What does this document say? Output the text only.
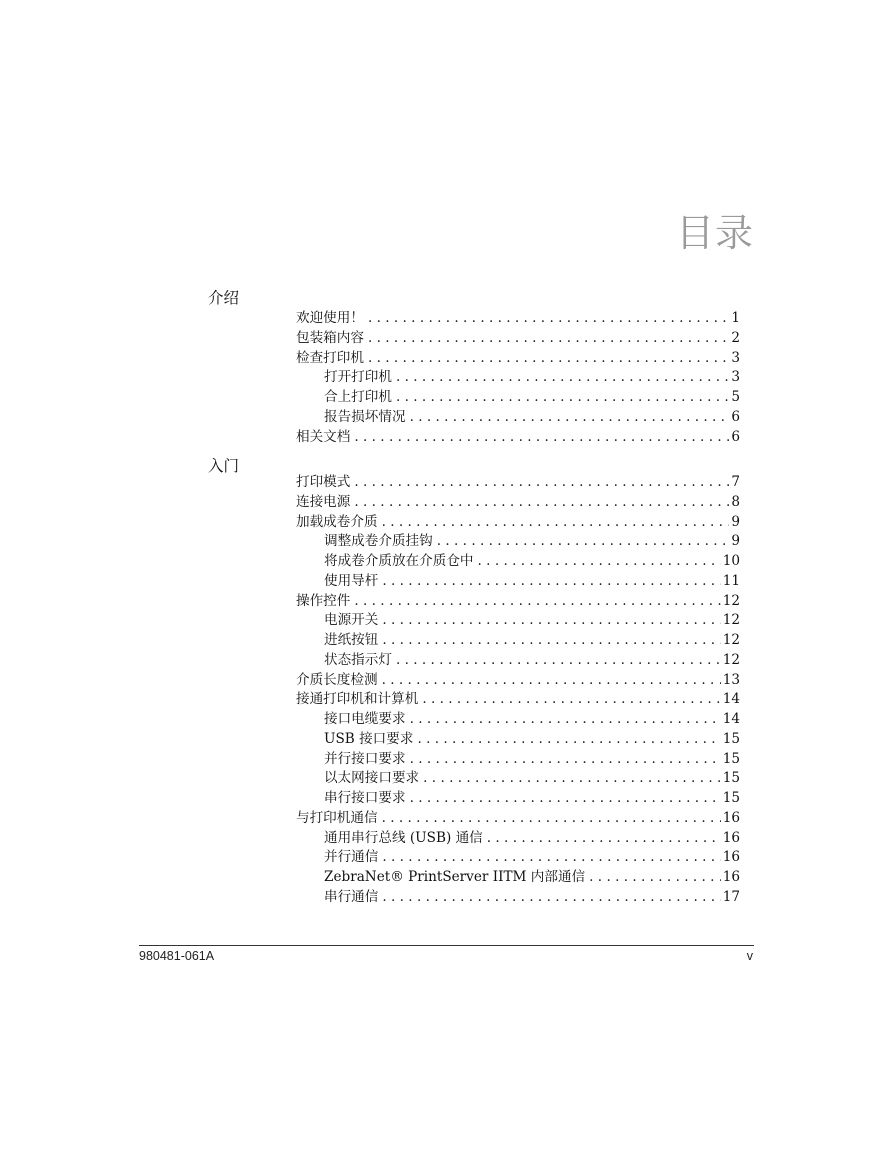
目录
介绍
欢迎使用！ . . .	1
包装箱内容 . . .	2
检查打印机 . . .	3
打开打印机 . . .	3
合上打印机 . . .	5
报告损坏情况 . . .	6
相关文档 . . .	6
入门
打印模式 . . .	7
连接电源 . . .	8
加载成卷介质 . . .	9
调整成卷介质挂钩 . . .	9
将成卷介质放在介质仓中 . . .	10
使用导杆 . . .	11
操作控件 . . .	12
电源开关 . . .	12
进纸按钮 . . .	12
状态指示灯 . . .	12
介质长度检测 . . .	13
接通打印机和计算机 . . .	14
接口电缆要求 . . .	14
USB 接口要求 . . .	15
并行接口要求 . . .	15
以太网接口要求 . . .	15
串行接口要求 . . .	15
与打印机通信 . . .	16
通用串行总线 (USB) 通信 . . .	16
并行通信 . . .	16
ZebraNet® PrintServer IITM 内部通信 . . .	16
串行通信 . . .	17
980481-061A	v
